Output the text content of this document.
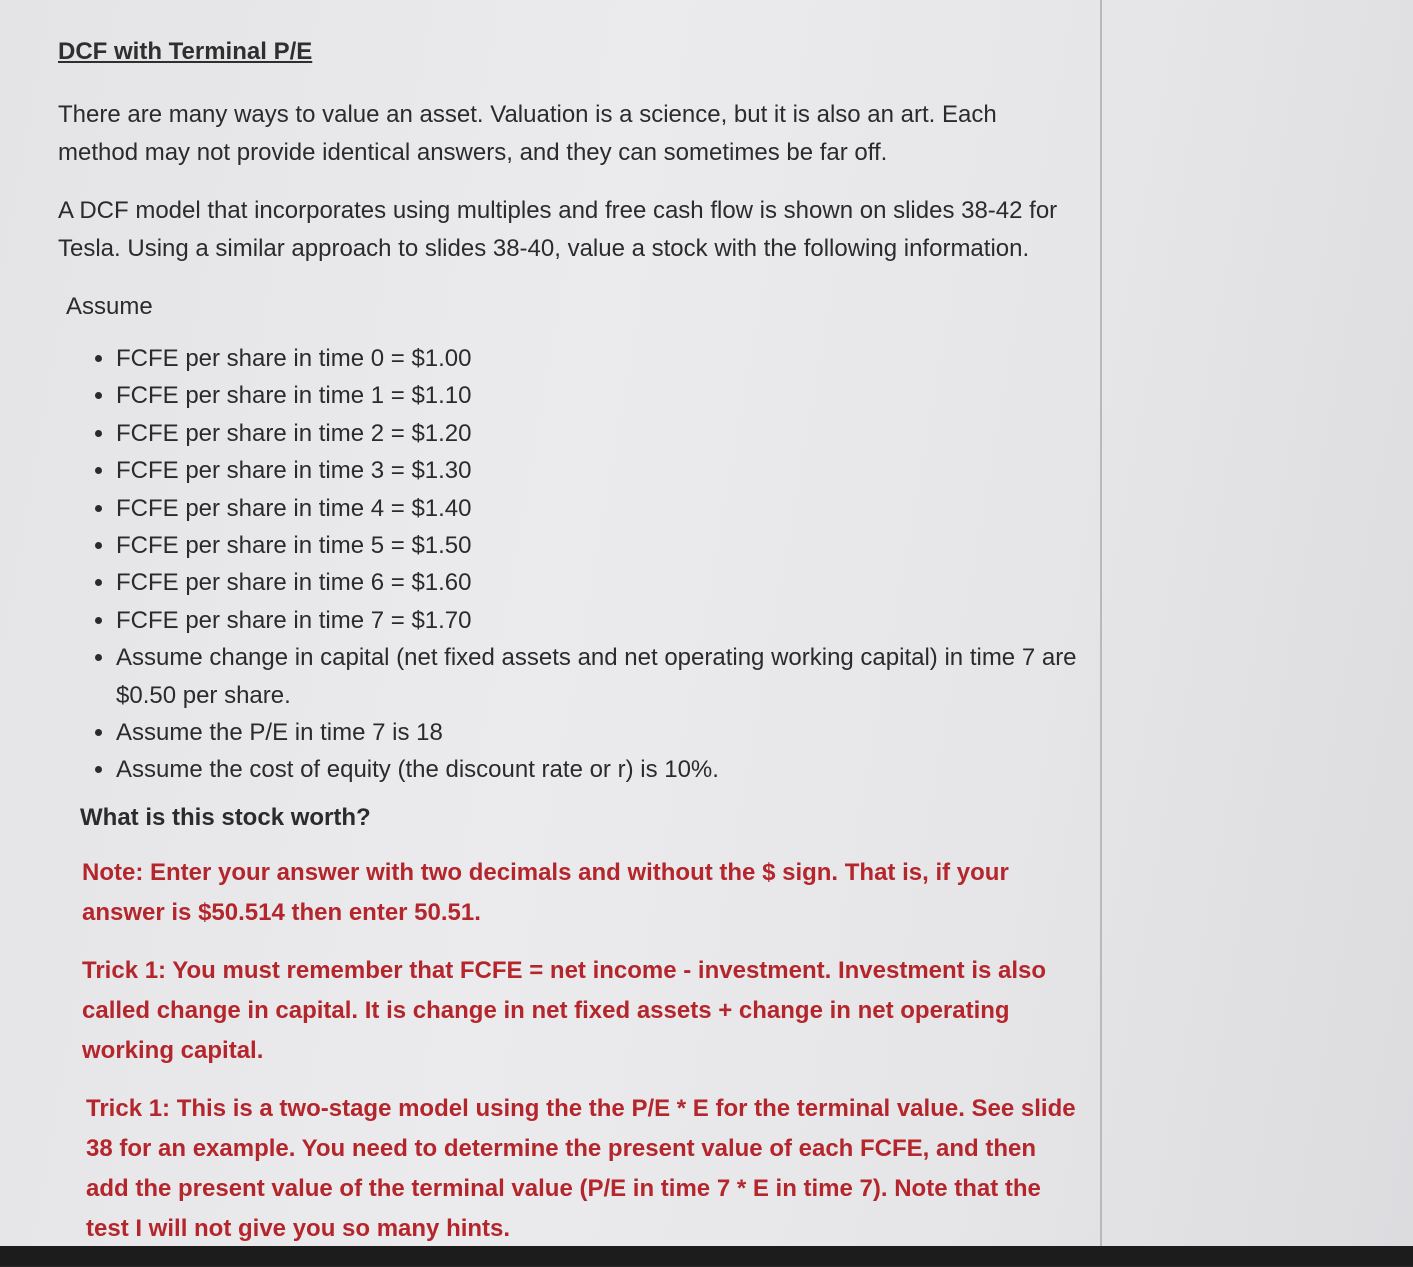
DCF with Terminal P/E

There are many ways to value an asset. Valuation is a science, but it is also an art. Each method may not provide identical answers, and they can sometimes be far off.

A DCF model that incorporates using multiples and free cash flow is shown on slides 38-42 for Tesla. Using a similar approach to slides 38-40, value a stock with the following information.

Assume
• FCFE per share in time 0 = $1.00
• FCFE per share in time 1 = $1.10
• FCFE per share in time 2 = $1.20
• FCFE per share in time 3 = $1.30
• FCFE per share in time 4 = $1.40
• FCFE per share in time 5 = $1.50
• FCFE per share in time 6 = $1.60
• FCFE per share in time 7 = $1.70
• Assume change in capital (net fixed assets and net operating working capital) in time 7 are $0.50 per share.
• Assume the P/E in time 7 is 18
• Assume the cost of equity (the discount rate or r) is 10%.
What is this stock worth?
Note: Enter your answer with two decimals and without the $ sign. That is, if your answer is $50.514 then enter 50.51.
Trick 1: You must remember that FCFE = net income - investment. Investment is also called change in capital. It is change in net fixed assets + change in net operating working capital.
Trick 1: This is a two-stage model using the the P/E * E for the terminal value. See slide 38 for an example. You need to determine the present value of each FCFE, and then add the present value of the terminal value (P/E in time 7 * E in time 7). Note that the test I will not give you so many hints.
